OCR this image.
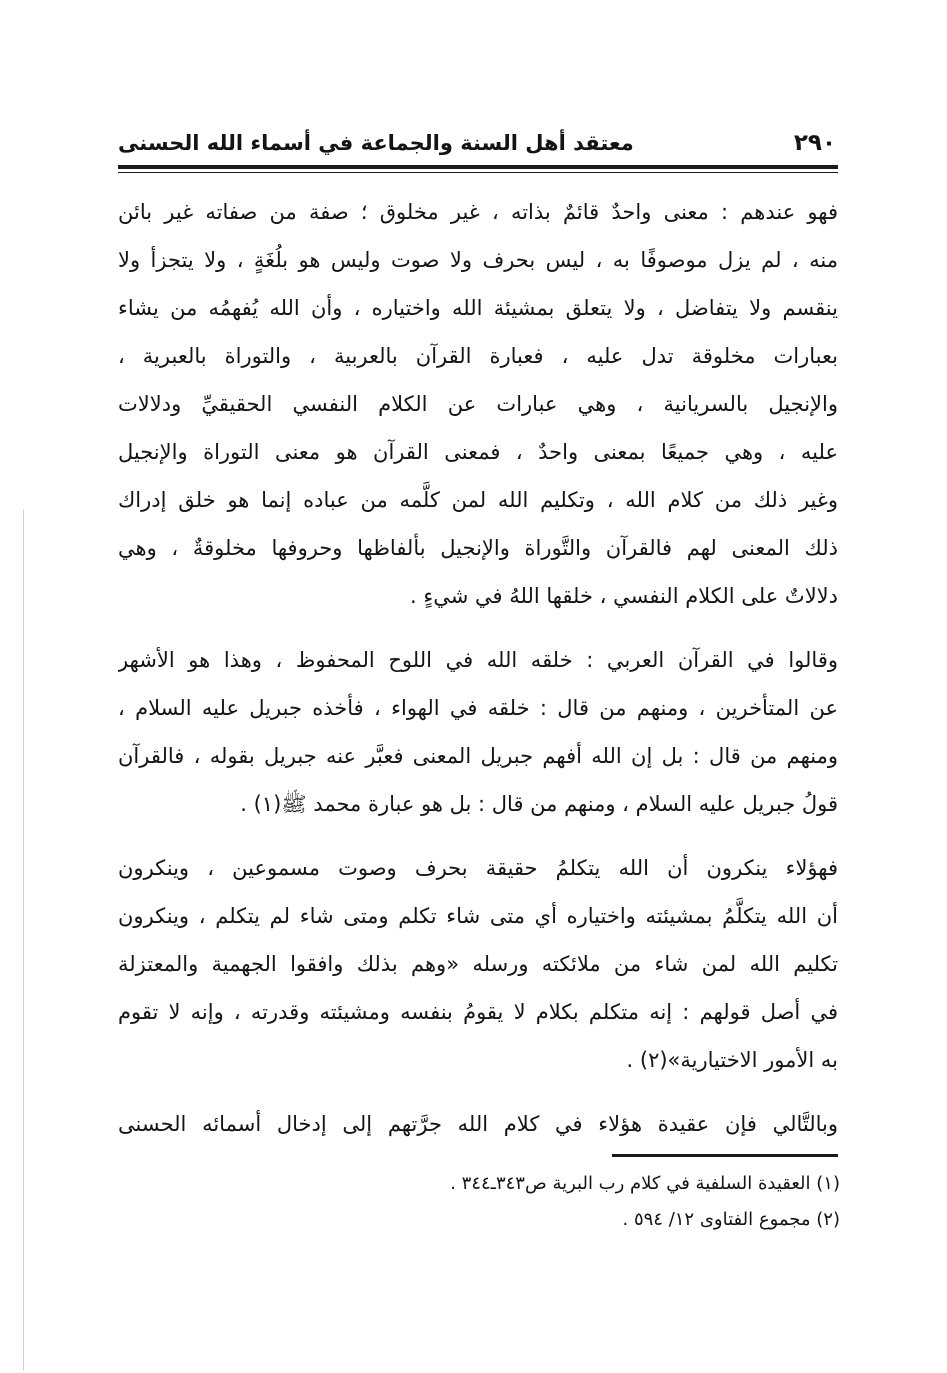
٢٩٠
معتقد أهل السنة والجماعة في أسماء الله الحسنى
فهو عندهم : معنى واحدٌ قائمٌ بذاته ، غير مخلوق ؛ صفة من صفاته غير بائن
منه ، لم يزل موصوفًا به ، ليس بحرف ولا صوت وليس هو بلُغَةٍ ، ولا يتجزأ ولا
ينقسم ولا يتفاضل ، ولا يتعلق بمشيئة الله واختياره ، وأن الله يُفهمُه من يشاء
بعبارات مخلوقة تدل عليه ، فعبارة القرآن بالعربية ، والتوراة بالعبرية ،
والإنجيل بالسريانية ، وهي عبارات عن الكلام النفسي الحقيقيِّ ودلالات
عليه ، وهي جميعًا بمعنى واحدٌ ، فمعنى القرآن هو معنى التوراة والإنجيل
وغير ذلك من كلام الله ، وتكليم الله لمن كلَّمه من عباده إنما هو خلق إدراك
ذلك المعنى لهم فالقرآن والتَّوراة والإنجيل بألفاظها وحروفها مخلوقةٌ ، وهي
دلالاتٌ على الكلام النفسي ، خلقها اللهُ في شيءٍ .
وقالوا في القرآن العربي : خلقه الله في اللوح المحفوظ ، وهذا هو الأشهر
عن المتأخرين ، ومنهم من قال : خلقه في الهواء ، فأخذه جبريل عليه السلام ،
ومنهم من قال : بل إن الله أفهم جبريل المعنى فعبَّر عنه جبريل بقوله ، فالقرآن
قولُ جبريل عليه السلام ، ومنهم من قال : بل هو عبارة محمد ﷺ(١) .
فهؤلاء ينكرون أن الله يتكلمُ حقيقة بحرف وصوت مسموعين ، وينكرون
أن الله يتكلَّمُ بمشيئته واختياره أي متى شاء تكلم ومتى شاء لم يتكلم ، وينكرون
تكليم الله لمن شاء من ملائكته ورسله «وهم بذلك وافقوا الجهمية والمعتزلة
في أصل قولهم : إنه متكلم بكلام لا يقومُ بنفسه ومشيئته وقدرته ، وإنه لا تقوم
به الأمور الاختيارية»(٢) .
وبالتَّالي فإن عقيدة هؤلاء في كلام الله جرَّتهم إلى إدخال أسمائه الحسنى
(١) العقيدة السلفية في كلام رب البرية ص٣٤٣ـ٣٤٤ .
(٢) مجموع الفتاوى ١٢/ ٥٩٤ .
